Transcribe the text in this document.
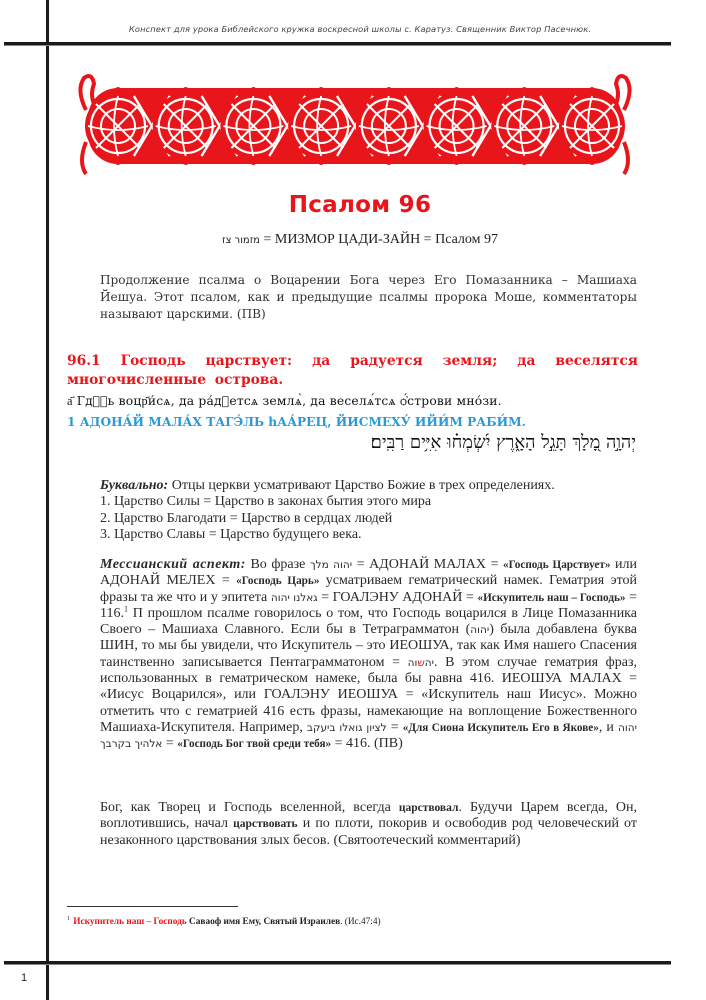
Конспект для урока Библейского кружка воскресной школы с. Каратуз. Священник Виктор Пасечнюк.
Псалом 96
מזמור צז = МИЗМОР ЦАДИ-ЗАЙН = Псалом 97
Продолжение псалма о Воцарении Бога через Его Помазанника – Машиаха Йешуа. Этот псалом, как и предыдущие псалмы пророка Моше, комментаторы называют царскими. (ПВ)
96.1 Господь царствует: да радуется земля; да веселятся многочисленные острова.
а҃ Гдⷭ҇ь воцр҃и́сѧ, да ра́дꙋетсѧ землѧ̀, да веселѧ́тсѧ ѻ҆́строви мно́зи.
1 АДОНА́Й МАЛА́Х ТАГЭ́ЛЬ hАА́РЕЦ, ЙИСМЕХУ́ ИЙИ́М РАБИ́М.
יְהוָ֣ה מָ֭לָךְ תָּגֵ֣ל הָאָ֑רֶץ יִ֝שְׂמְח֗וּ אִיִּ֥ים רַבִּֽים׃
Буквально: Отцы церкви усматривают Царство Божие в трех определениях.
1. Царство Силы = Царство в законах бытия этого мира
2. Царство Благодати = Царство в сердцах людей
3. Царство Славы = Царство будущего века.
Мессианский аспект: Во фразе יהוה מלך = АДОНАЙ МАЛАХ = «Господь Царствует» или АДОНАЙ МЕЛЕХ = «Господь Царь» усматриваем гематрический намек. Гематрия этой фразы та же что и у эпитета גאלנו יהוה = ГОАЛЭНУ АДОНАЙ = «Искупитель наш – Господь» = 116.$^1$ П прошлом псалме говорилось о том, что Господь воцарился в Лице Помазанника Своего – Машиаха Славного. Если бы в Тетраграмматон (יהוה) была добавлена буква ШИН, то мы бы увидели, что Искупитель – это ИЕОШУА, так как Имя нашего Спасения таинственно записывается Пентаграмматоном = יהשוה . В этом случае гематрия фраз, использованных в гематрическом намеке, была бы равна 416. ИЕОШУА МАЛАХ = «Иисус Воцарился», или ГОАЛЭНУ ИЕОШУА = «Искупитель наш Иисус». Можно отметить что с гематрией 416 есть фразы, намекающие на воплощение Божественного Машиаха-Искупителя. Например, לציון גואלו ביעקב = «Для Сиона Искупитель Его в Якове», и יהוה אלהיך בקרבך = «Господь Бог твой среди тебя» = 416. (ПВ)
Бог, как Творец и Господь вселенной, всегда царствовал. Будучи Царем всегда, Он, воплотившись, начал царствовать и по плоти, покорив и освободив род человеческий от незаконного царствования злых бесов. (Святоотеческий комментарий)
$^1$ Искупитель наш – Господь Саваоф имя Ему, Святый Израилев. (Ис.47:4)
1
